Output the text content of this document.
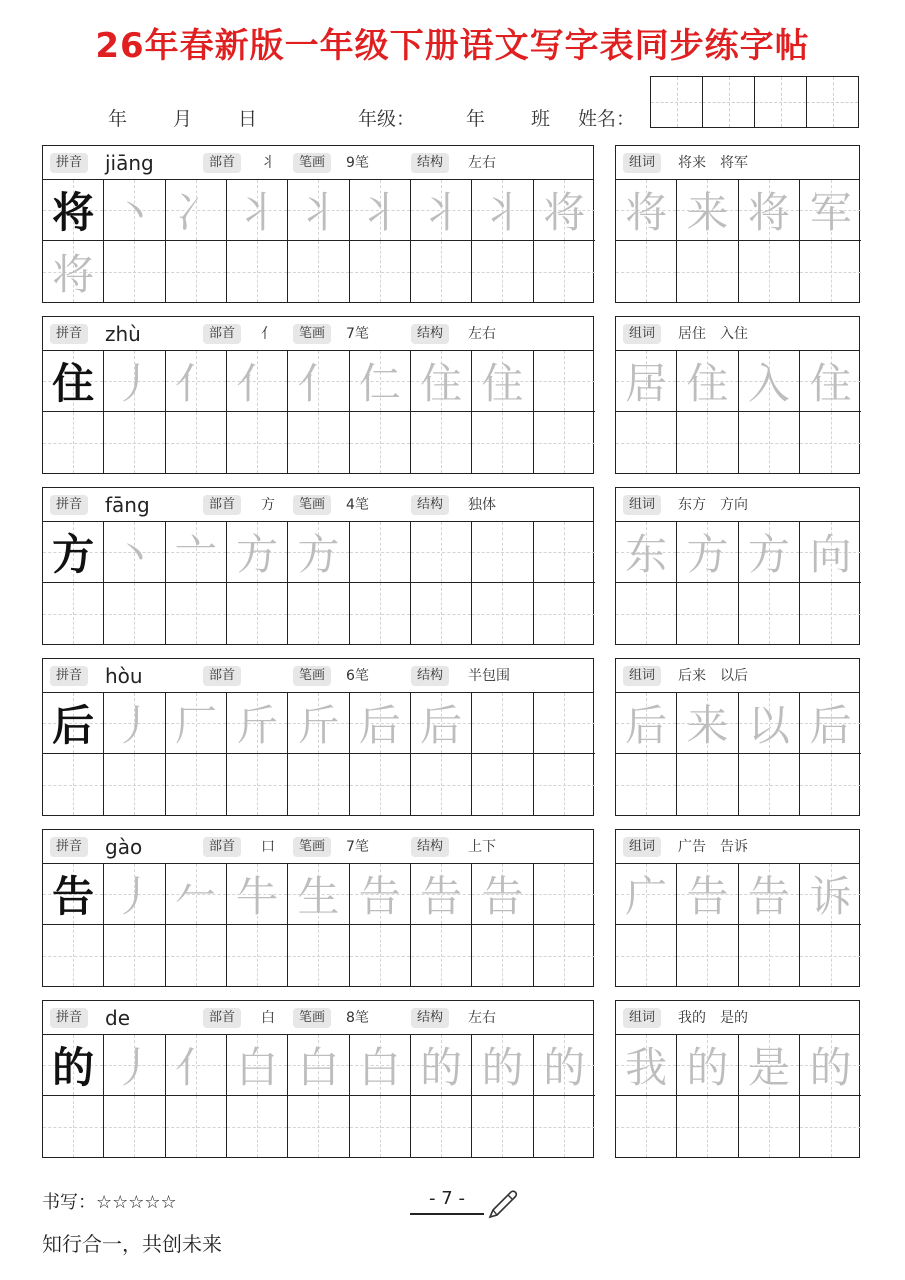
26年春新版一年级下册语文写字表同步练字帖
年 月 日	年级：	年 班 姓名：
拼音	jiāng	部首	丬	笔画	9笔	结构	左右
将 丶 冫 丬 丬 丬 丬 丬 将
将
组词	将来　将军
将 来 将 军
拼音	zhù	部首	亻	笔画	7笔	结构	左右
住 丿 亻 亻 亻 仁 住 住
组词	居住　入住
居 住 入 住
拼音	fāng	部首	方	笔画	4笔	结构	独体
方 丶 亠 方 方
组词	东方　方向
东 方 方 向
拼音	hòu	部首	笔画	6笔	结构	半包围
后 丿 厂 斤 斤 后 后
组词	后来　以后
后 来 以 后
拼音	gào	部首	口	笔画	7笔	结构	上下
告 丿 𠂉 牛 生 告 告 告
组词	广告　告诉
广 告 告 诉
拼音	de	部首	白	笔画	8笔	结构	左右
的 丿 亻 白 白 白 的 的 的
组词	我的　是的
我 的 是 的
书写：☆☆☆☆☆	- 7 -
知行合一，共创未来
